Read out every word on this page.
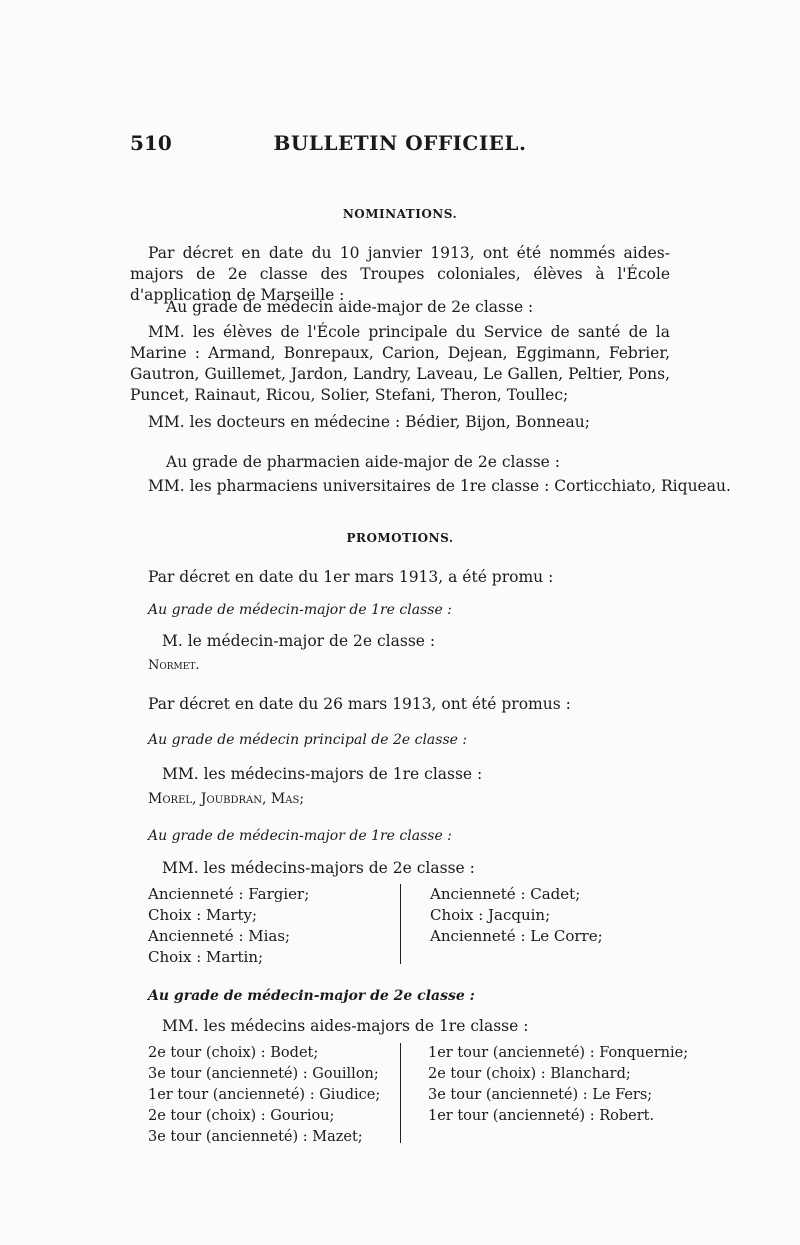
510	BULLETIN OFFICIEL.
NOMINATIONS.
Par décret en date du 10 janvier 1913, ont été nommés aides-majors de 2e classe des Troupes coloniales, élèves à l'École d'application de Marseille :
Au grade de médecin aide-major de 2e classe :
MM. les élèves de l'École principale du Service de santé de la Marine : Armand, Bonrepaux, Carion, Dejean, Eggimann, Febrier, Gautron, Guillemet, Jardon, Landry, Laveau, Le Gallen, Peltier, Pons, Puncet, Rainaut, Ricou, Solier, Stefani, Theron, Toullec;
MM. les docteurs en médecine : Bédier, Bijon, Bonneau;
Au grade de pharmacien aide-major de 2e classe :
MM. les pharmaciens universitaires de 1re classe : Corticchiato, Riqueau.
PROMOTIONS.
Par décret en date du 1er mars 1913, a été promu :
Au grade de médecin-major de 1re classe :
M. le médecin-major de 2e classe :
Normet.
Par décret en date du 26 mars 1913, ont été promus :
Au grade de médecin principal de 2e classe :
MM. les médecins-majors de 1re classe :
Morel, Joubdran, Mas;
Au grade de médecin-major de 1re classe :
MM. les médecins-majors de 2e classe :
Ancienneté : Fargier;
Choix : Marty;
Ancienneté : Mias;
Choix : Martin;
Ancienneté : Cadet;
Choix : Jacquin;
Ancienneté : Le Corre;
Au grade de médecin-major de 2e classe :
MM. les médecins aides-majors de 1re classe :
2e tour (choix) : Bodet;
3e tour (ancienneté) : Gouillon;
1er tour (ancienneté) : Giudice;
2e tour (choix) : Gouriou;
3e tour (ancienneté) : Mazet;
1er tour (ancienneté) : Fonquernie;
2e tour (choix) : Blanchard;
3e tour (ancienneté) : Le Fers;
1er tour (ancienneté) : Robert.
